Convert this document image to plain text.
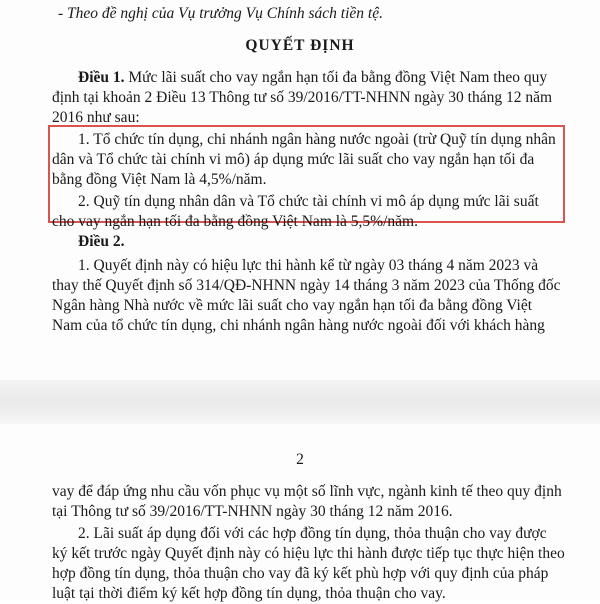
- Theo đề nghị của Vụ trưởng Vụ Chính sách tiền tệ.
QUYẾT ĐỊNH
Điều 1. Mức lãi suất cho vay ngắn hạn tối đa bằng đồng Việt Nam theo quy
định tại khoản 2 Điều 13 Thông tư số 39/2016/TT-NHNN ngày 30 tháng 12 năm
2016 như sau:
1. Tổ chức tín dụng, chi nhánh ngân hàng nước ngoài (trừ Quỹ tín dụng nhân
dân và Tổ chức tài chính vi mô) áp dụng mức lãi suất cho vay ngắn hạn tối đa
bằng đồng Việt Nam là 4,5%/năm.
2. Quỹ tín dụng nhân dân và Tổ chức tài chính vi mô áp dụng mức lãi suất
cho vay ngắn hạn tối đa bằng đồng Việt Nam là 5,5%/năm.
Điều 2.
1. Quyết định này có hiệu lực thi hành kể từ ngày 03 tháng 4 năm 2023 và
thay thế Quyết định số 314/QĐ-NHNN ngày 14 tháng 3 năm 2023 của Thống đốc
Ngân hàng Nhà nước về mức lãi suất cho vay ngắn hạn tối đa bằng đồng Việt
Nam của tổ chức tín dụng, chi nhánh ngân hàng nước ngoài đối với khách hàng
2
vay để đáp ứng nhu cầu vốn phục vụ một số lĩnh vực, ngành kinh tế theo quy định
tại Thông tư số 39/2016/TT-NHNN ngày 30 tháng 12 năm 2016.
2. Lãi suất áp dụng đối với các hợp đồng tín dụng, thỏa thuận cho vay được
ký kết trước ngày Quyết định này có hiệu lực thi hành được tiếp tục thực hiện theo
hợp đồng tín dụng, thỏa thuận cho vay đã ký kết phù hợp với quy định của pháp
luật tại thời điểm ký kết hợp đồng tín dụng, thỏa thuận cho vay.
